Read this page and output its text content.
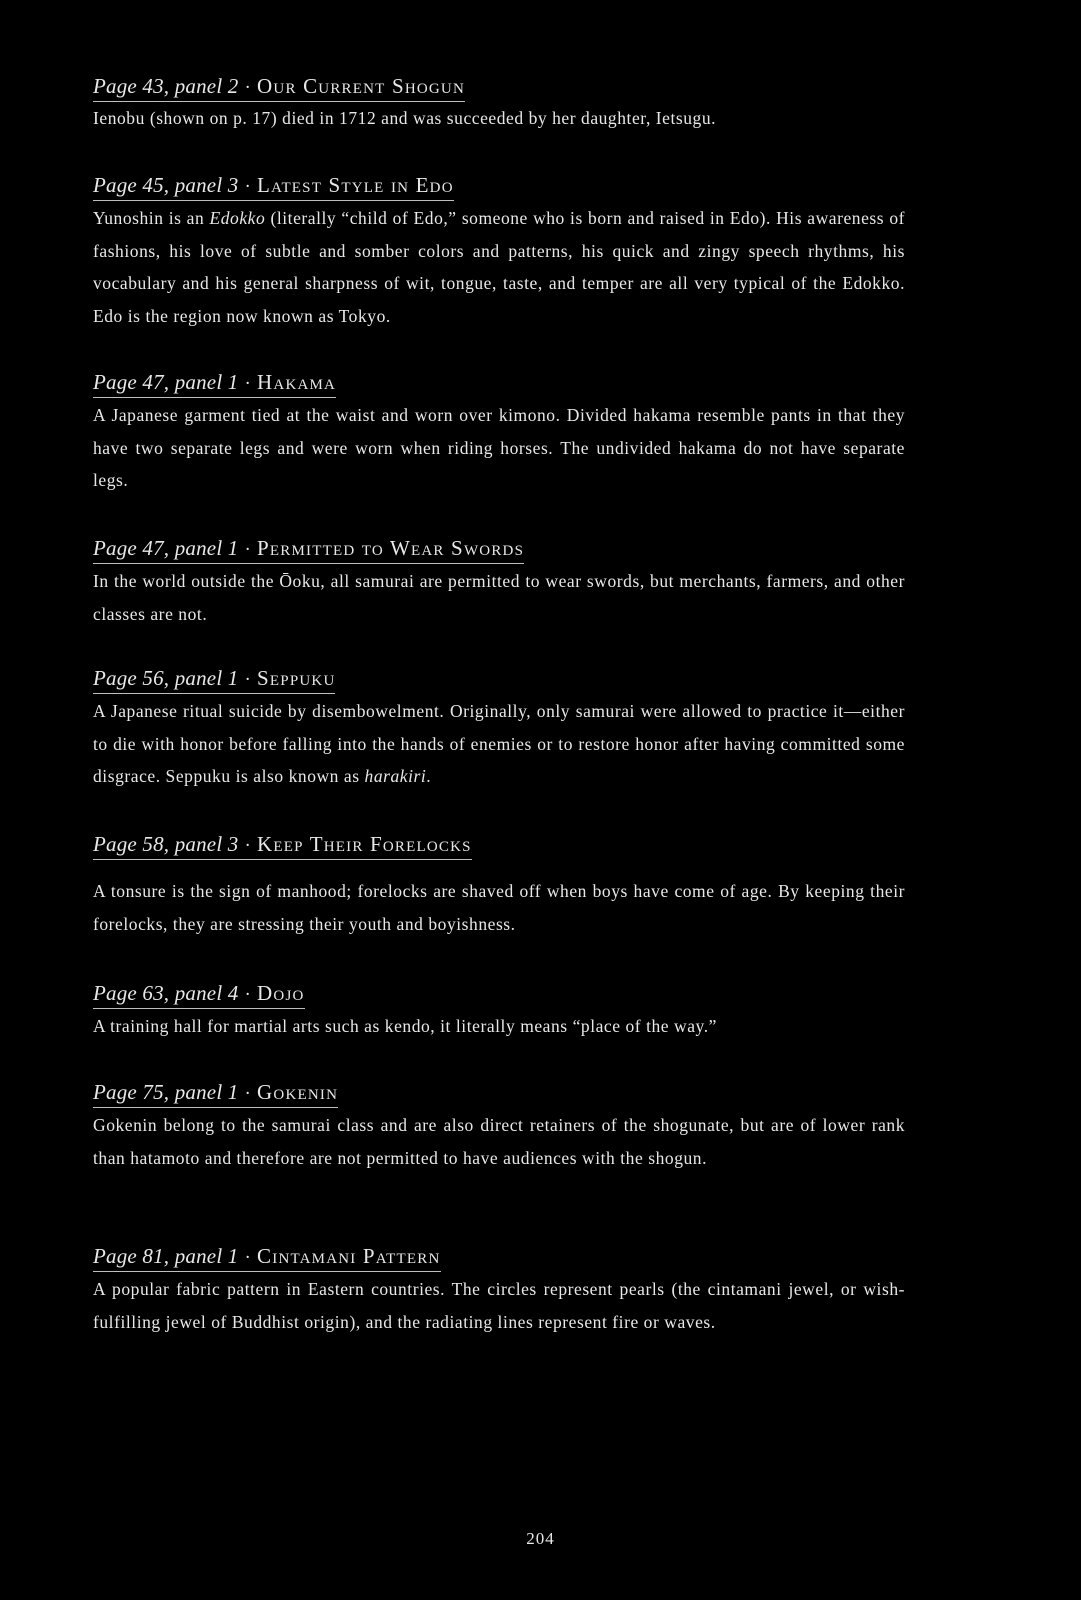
Page 43, panel 2 · Our Current Shogun

Ienobu (shown on p. 17) died in 1712 and was succeeded by her daughter, Ietsugu.

Page 45, panel 3 · Latest Style in Edo

Yunoshin is an Edokko (literally “child of Edo,” someone who is born and raised in Edo). His awareness of fashions, his love of subtle and somber colors and patterns, his quick and zingy speech rhythms, his vocabulary and his general sharpness of wit, tongue, taste, and temper are all very typical of the Edokko. Edo is the region now known as Tokyo.

Page 47, panel 1 · Hakama

A Japanese garment tied at the waist and worn over kimono. Divided hakama resemble pants in that they have two separate legs and were worn when riding horses. The undivided hakama do not have separate legs.

Page 47, panel 1 · Permitted to Wear Swords

In the world outside the Ōoku, all samurai are permitted to wear swords, but merchants, farmers, and other classes are not.

Page 56, panel 1 · Seppuku

A Japanese ritual suicide by disembowelment. Originally, only samurai were allowed to practice it—either to die with honor before falling into the hands of enemies or to restore honor after having committed some disgrace. Seppuku is also known as harakiri.

Page 58, panel 3 · Keep Their Forelocks

A tonsure is the sign of manhood; forelocks are shaved off when boys have come of age. By keeping their forelocks, they are stressing their youth and boyishness.

Page 63, panel 4 · Dojo

A training hall for martial arts such as kendo, it literally means “place of the way.”

Page 75, panel 1 · Gokenin

Gokenin belong to the samurai class and are also direct retainers of the shogunate, but are of lower rank than hatamoto and therefore are not permitted to have audiences with the shogun.

Page 81, panel 1 · Cintamani Pattern

A popular fabric pattern in Eastern countries. The circles represent pearls (the cintamani jewel, or wish-fulfilling jewel of Buddhist origin), and the radiating lines represent fire or waves.

204
